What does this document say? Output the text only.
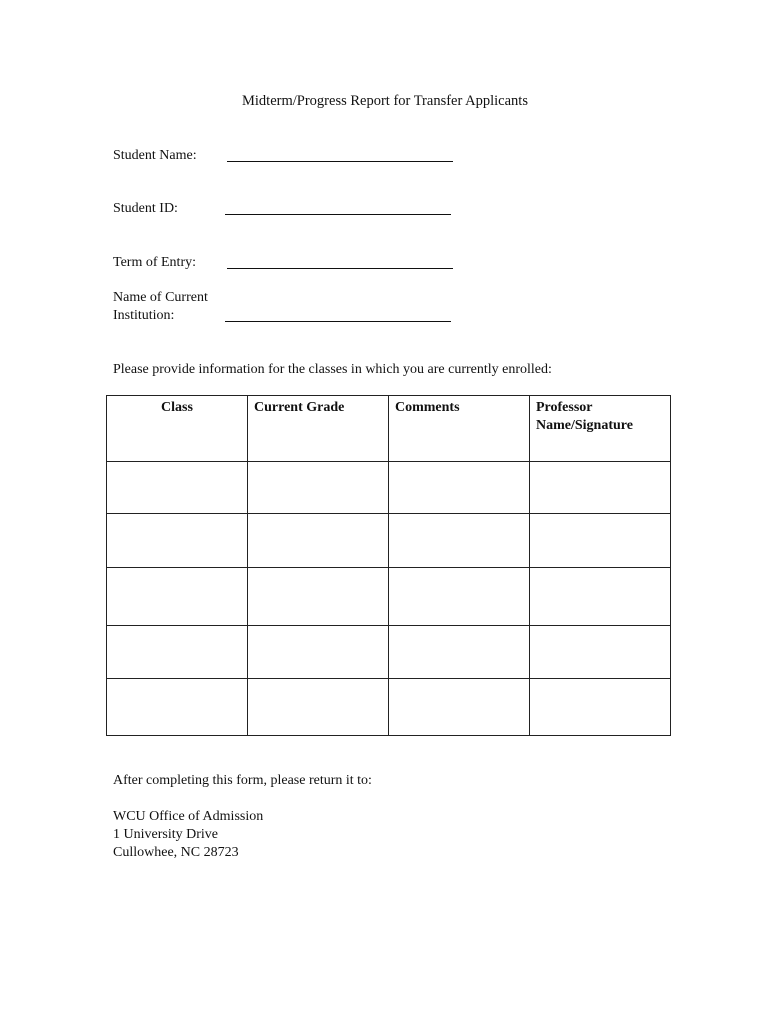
Midterm/Progress Report for Transfer Applicants
Student Name:
Student ID:
Term of Entry:
Name of Current
Institution:
Please provide information for the classes in which you are currently enrolled:
Class	Current Grade	Comments	Professor Name/Signature

After completing this form, please return it to:
WCU Office of Admission
1 University Drive
Cullowhee, NC 28723
